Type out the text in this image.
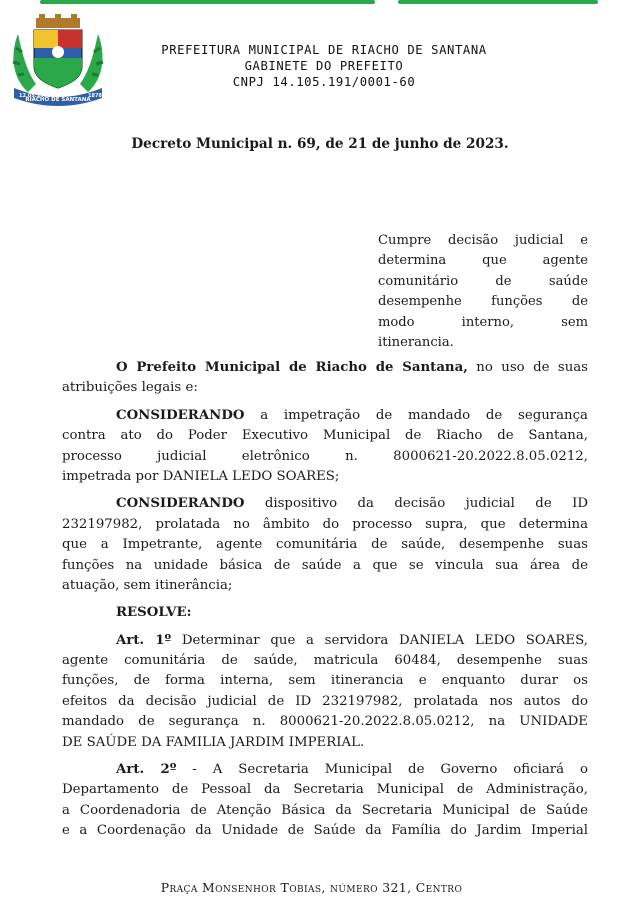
12.05.1962
RIACHO DE SANTANA
1878
PREFEITURA MUNICIPAL DE RIACHO DE SANTANA
GABINETE DO PREFEITO
CNPJ 14.105.191/0001-60
Decreto Municipal n. 69, de 21 de junho de 2023.
Cumpre decisão judicial e
determina que agente
comunitário de saúde
desempenhe funções de
modo interno, sem
itinerancia.
O Prefeito Municipal de Riacho de Santana, no uso de suas
atribuições legais e:
CONSIDERANDO a impetração de mandado de segurança
contra ato do Poder Executivo Municipal de Riacho de Santana,
processo judicial eletrônico n. 8000621-20.2022.8.05.0212,
impetrada por DANIELA LEDO SOARES;
CONSIDERANDO dispositivo da decisão judicial de ID
232197982, prolatada no âmbito do processo supra, que determina
que a Impetrante, agente comunitária de saúde, desempenhe suas
funções na unidade básica de saúde a que se vincula sua área de
atuação, sem itinerância;
RESOLVE:
Art. 1º Determinar que a servidora DANIELA LEDO SOARES,
agente comunitária de saúde, matricula 60484, desempenhe suas
funções, de forma interna, sem itinerancia e enquanto durar os
efeitos da decisão judicial de ID 232197982, prolatada nos autos do
mandado de segurança n. 8000621-20.2022.8.05.0212, na UNIDADE
DE SAÚDE DA FAMILIA JARDIM IMPERIAL.
Art. 2º - A Secretaria Municipal de Governo oficiará o
Departamento de Pessoal da Secretaria Municipal de Administração,
a Coordenadoria de Atenção Básica da Secretaria Municipal de Saúde
e a Coordenação da Unidade de Saúde da Família do Jardim Imperial
Praça Monsenhor Tobias, número 321, Centro
